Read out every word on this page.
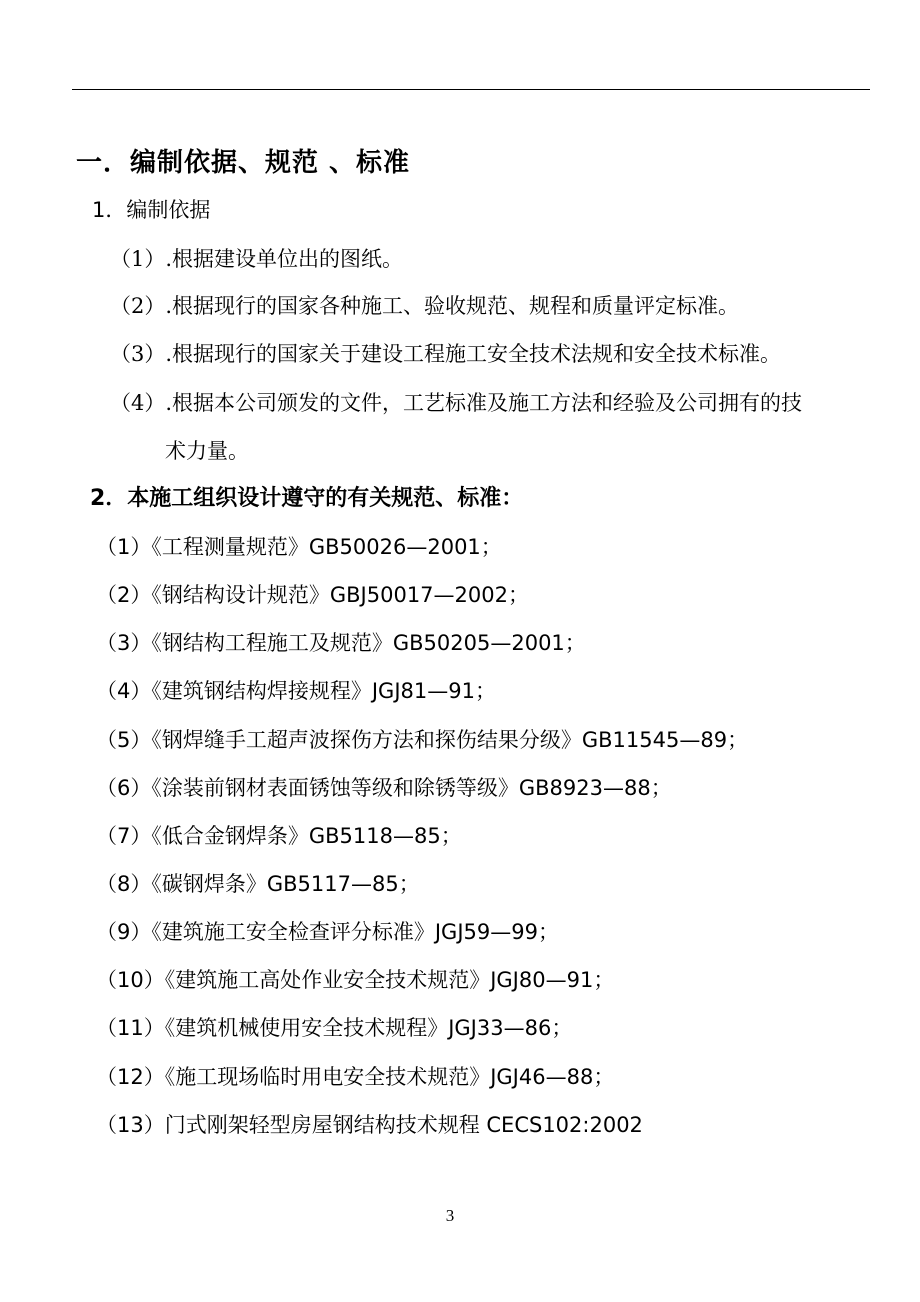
一．编制依据、规范 、标准
1．编制依据
（1）.根据建设单位出的图纸。
（2）.根据现行的国家各种施工、验收规范、规程和质量评定标准。
（3）.根据现行的国家关于建设工程施工安全技术法规和安全技术标准。
（4）.根据本公司颁发的文件，工艺标准及施工方法和经验及公司拥有的技
术力量。
2．本施工组织设计遵守的有关规范、标准：
（1）《工程测量规范》GB50026—2001；
（2）《钢结构设计规范》GBJ50017—2002；
（3）《钢结构工程施工及规范》GB50205—2001；
（4）《建筑钢结构焊接规程》JGJ81—91；
（5）《钢焊缝手工超声波探伤方法和探伤结果分级》GB11545—89；
（6）《涂装前钢材表面锈蚀等级和除锈等级》GB8923—88；
（7）《低合金钢焊条》GB5118—85；
（8）《碳钢焊条》GB5117—85；
（9）《建筑施工安全检查评分标准》JGJ59—99；
（10）《建筑施工高处作业安全技术规范》JGJ80—91；
（11）《建筑机械使用安全技术规程》JGJ33—86；
（12）《施工现场临时用电安全技术规范》JGJ46—88；
（13）门式刚架轻型房屋钢结构技术规程 CECS102:2002
3
